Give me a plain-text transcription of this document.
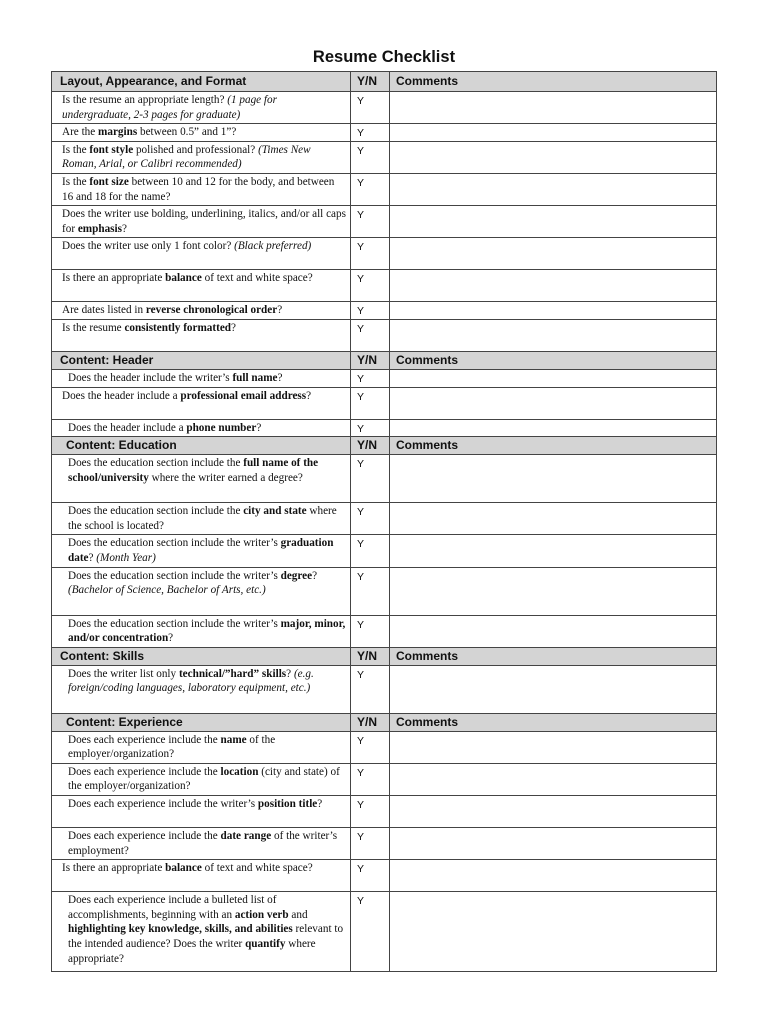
Resume Checklist
Layout, Appearance, and Format	Y/N	Comments
Is the resume an appropriate length? (1 page for undergraduate, 2-3 pages for graduate)	Y	
Are the margins between 0.5” and 1”?	Y	
Is the font style polished and professional? (Times New Roman, Arial, or Calibri recommended)	Y	
Is the font size between 10 and 12 for the body, and between 16 and 18 for the name?	Y	
Does the writer use bolding, underlining, italics, and/or all caps for emphasis?	Y	
Does the writer use only 1 font color? (Black preferred)	Y	
Is there an appropriate balance of text and white space?	Y	
Are dates listed in reverse chronological order?	Y	
Is the resume consistently formatted?	Y	
Content: Header	Y/N	Comments
Does the header include the writer’s full name?	Y	
Does the header include a professional email address?	Y	
Does the header include a phone number?	Y	
Content: Education	Y/N	Comments
Does the education section include the full name of the school/university where the writer earned a degree?	Y	
Does the education section include the city and state where the school is located?	Y	
Does the education section include the writer’s graduation date? (Month Year)	Y	
Does the education section include the writer’s degree? (Bachelor of Science, Bachelor of Arts, etc.)	Y	
Does the education section include the writer’s major, minor, and/or concentration?	Y	
Content: Skills	Y/N	Comments
Does the writer list only technical/”hard” skills? (e.g. foreign/coding languages, laboratory equipment, etc.)	Y	
Content: Experience	Y/N	Comments
Does each experience include the name of the employer/organization?	Y	
Does each experience include the location (city and state) of the employer/organization?	Y	
Does each experience include the writer’s position title?	Y	
Does each experience include the date range of the writer’s employment?	Y	
Is there an appropriate balance of text and white space?	Y	
Does each experience include a bulleted list of accomplishments, beginning with an action verb and highlighting key knowledge, skills, and abilities relevant to the intended audience? Does the writer quantify where appropriate?	Y	
